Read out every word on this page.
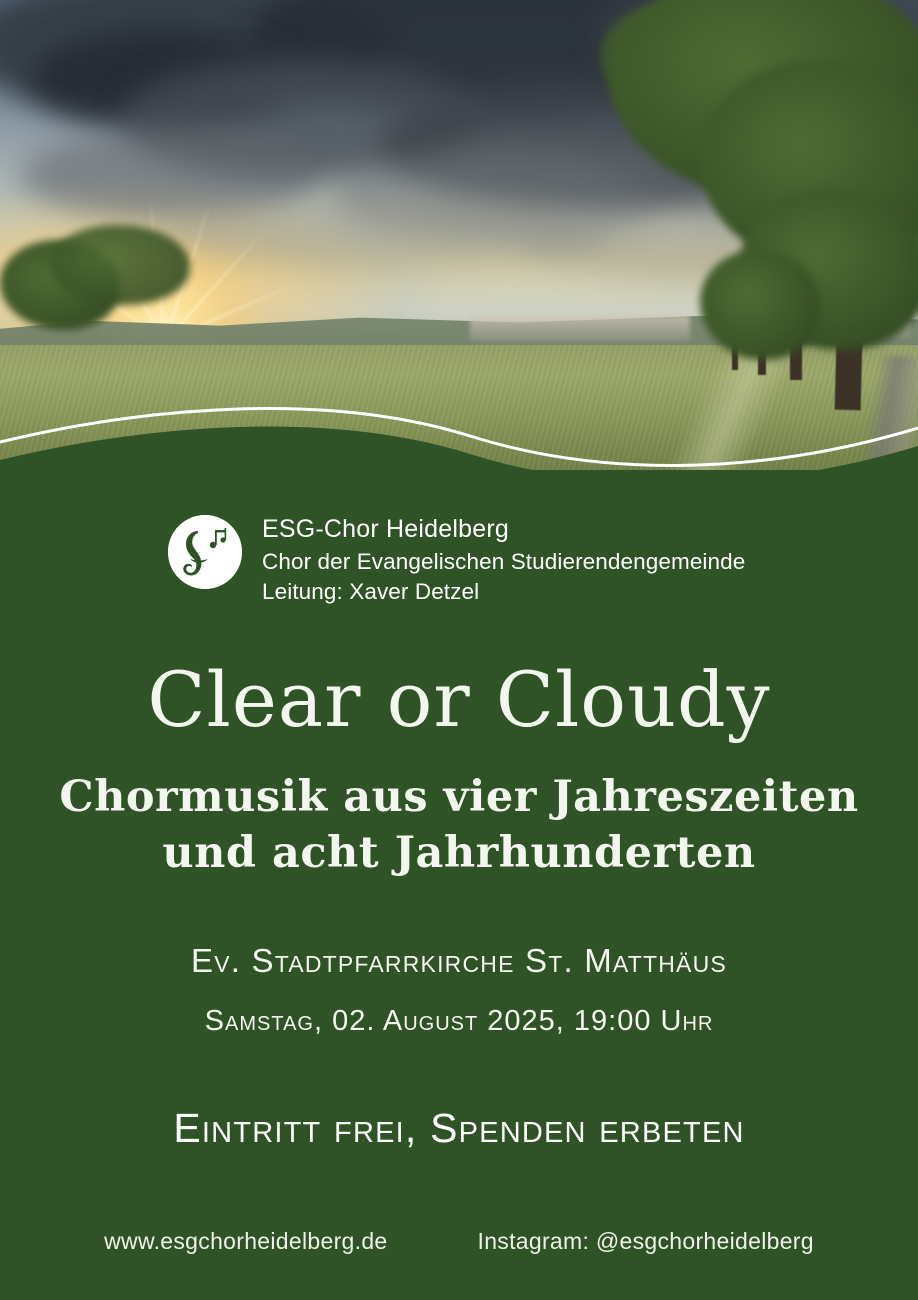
ESG-Chor Heidelberg
Chor der Evangelischen Studierendengemeinde
Leitung: Xaver Detzel
Clear or Cloudy
Chormusik aus vier Jahreszeiten
und acht Jahrhunderten
Ev. Stadtpfarrkirche St. Matthäus
Samstag, 02. August 2025, 19:00 Uhr
Eintritt frei, Spenden erbeten
www.esgchorheidelberg.de	Instagram: @esgchorheidelberg
